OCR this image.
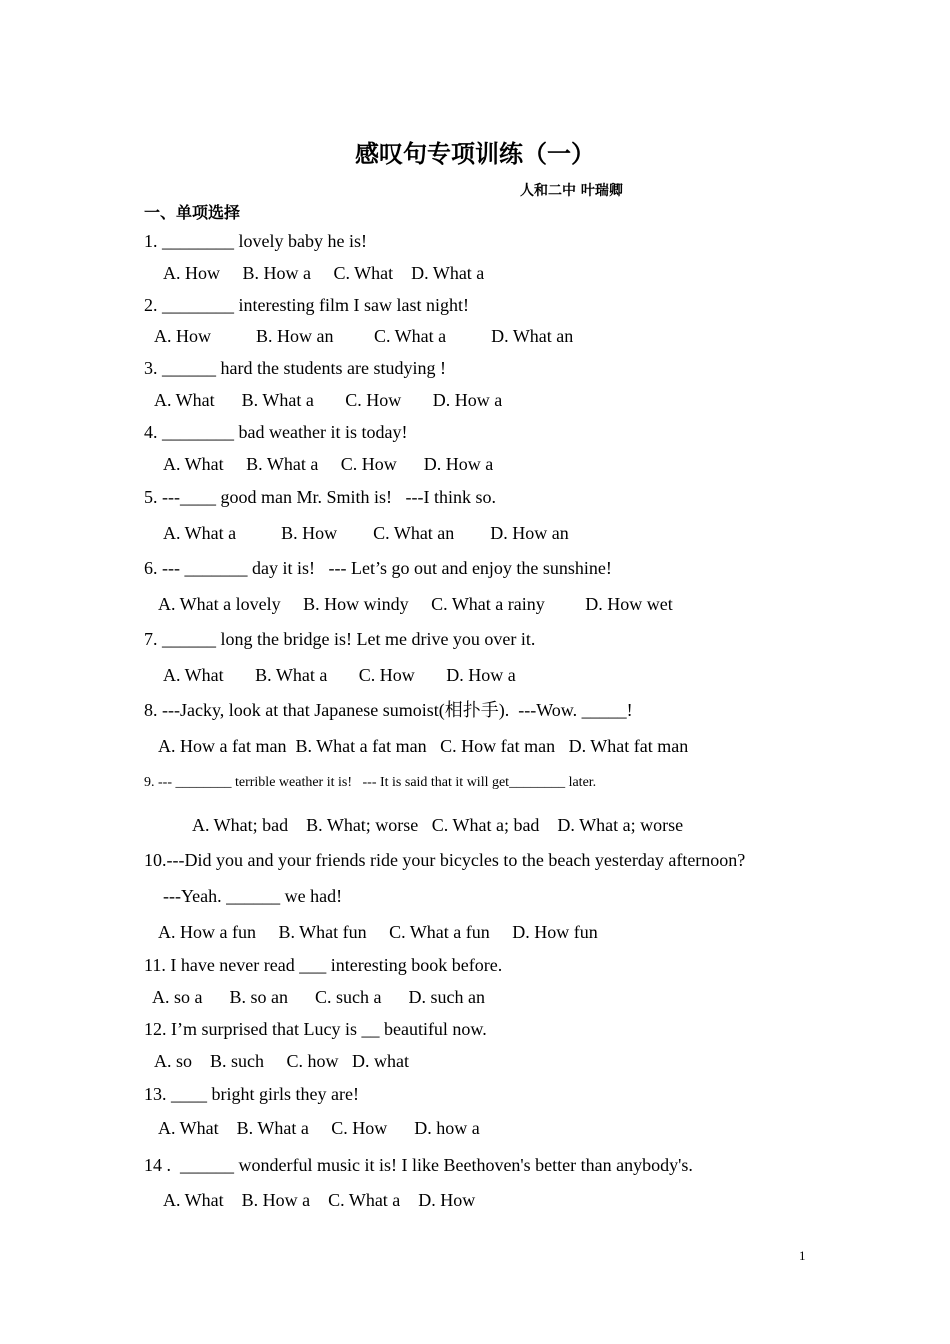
感叹句专项训练（一）
人和二中 叶瑞卿
一、单项选择
1. ________ lovely baby he is!
A. How     B. How a     C. What    D. What a
2. ________ interesting film I saw last night!
A. How          B. How an         C. What a          D. What an
3. ______ hard the students are studying !
A. What      B. What a       C. How       D. How a
4. ________ bad weather it is today!
A. What     B. What a     C. How      D. How a
5. ---____ good man Mr. Smith is!   ---I think so.
A. What a          B. How        C. What an        D. How an
6. --- _______ day it is!   --- Let’s go out and enjoy the sunshine!
A. What a lovely     B. How windy     C. What a rainy         D. How wet
7. ______ long the bridge is! Let me drive you over it.
A. What       B. What a       C. How       D. How a
8. ---Jacky, look at that Japanese sumoist(相扑手).  ---Wow. _____!
A. How a fat man  B. What a fat man   C. How fat man   D. What fat man
9. --- ________ terrible weather it is!   --- It is said that it will get________ later.
A. What; bad    B. What; worse   C. What a; bad    D. What a; worse
10.---Did you and your friends ride your bicycles to the beach yesterday afternoon?
---Yeah. ______ we had!
A. How a fun     B. What fun     C. What a fun     D. How fun
11. I have never read ___ interesting book before.
A. so a      B. so an      C. such a      D. such an
12. I’m surprised that Lucy is __ beautiful now.
A. so    B. such     C. how   D. what
13. ____ bright girls they are!
A. What    B. What a     C. How      D. how a
14 .  ______ wonderful music it is! I like Beethoven's better than anybody's.
A. What    B. How a    C. What a    D. How
1
